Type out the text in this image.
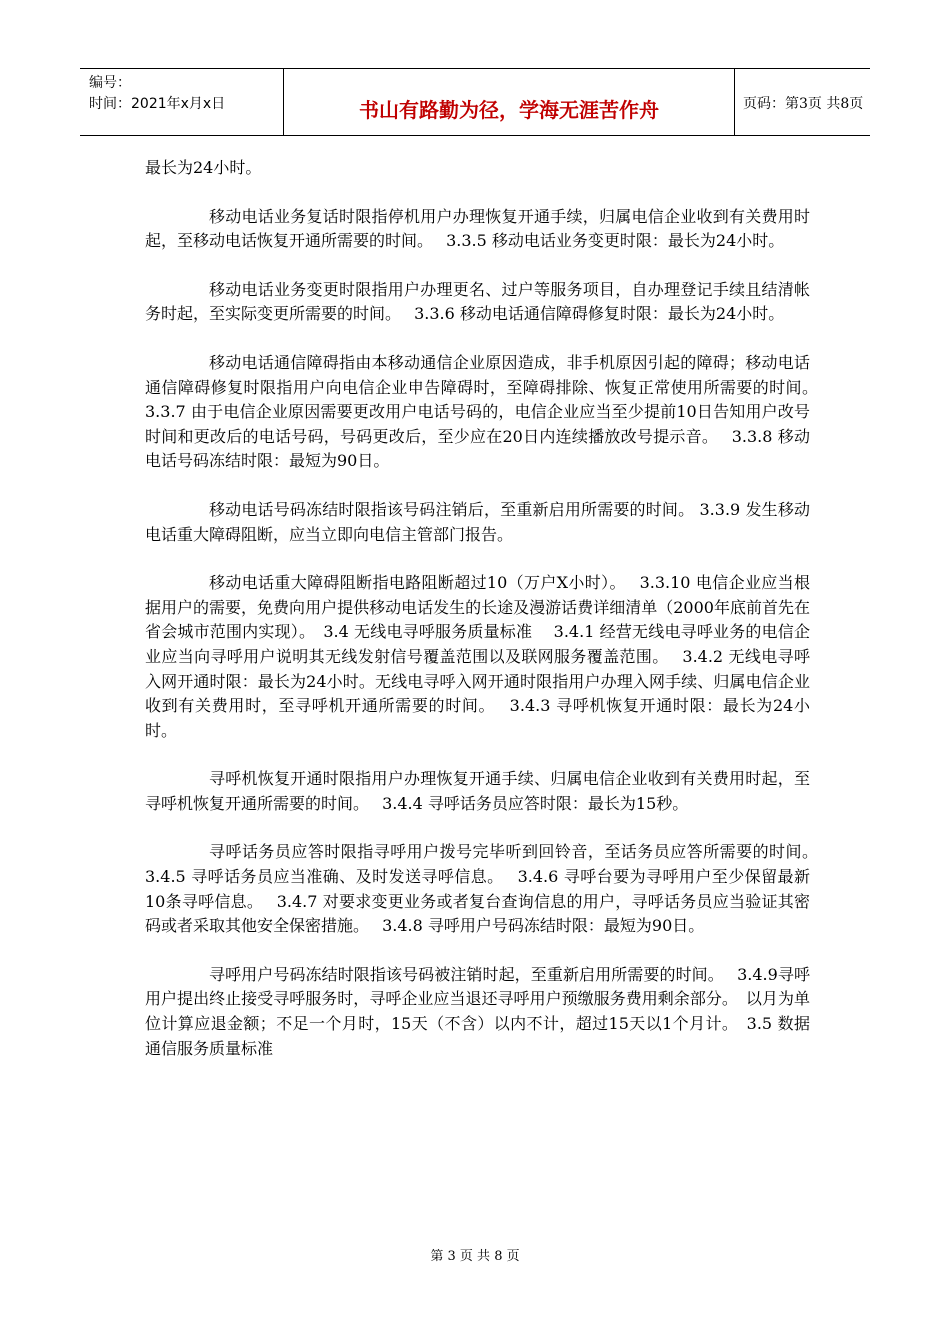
编号：
时间：2021年x月x日	书山有路勤为径，学海无涯苦作舟	页码：第3页 共8页

最长为24小时。

移动电话业务复话时限指停机用户办理恢复开通手续，归属电信企业收到有关费用时起，至移动电话恢复开通所需要的时间。　 3.3.5 移动电话业务变更时限：最长为24小时。

移动电话业务变更时限指用户办理更名、过户等服务项目，自办理登记手续且结清帐务时起，至实际变更所需要的时间。　 3.3.6 移动电话通信障碍修复时限：最长为24小时。

移动电话通信障碍指由本移动通信企业原因造成，非手机原因引起的障碍；移动电话通信障碍修复时限指用户向电信企业申告障碍时，至障碍排除、恢复正常使用所需要的时间。　　　　　　3.3.7 由于电信企业原因需要更改用户电话号码的，电信企业应当至少提前10日告知用户改号时间和更改后的电话号码，号码更改后，至少应在20日内连续播放改号提示音。　 3.3.8 移动电话号码冻结时限：最短为90日。

移动电话号码冻结时限指该号码注销后，至重新启用所需要的时间。 3.3.9 发生移动电话重大障碍阻断，应当立即向电信主管部门报告。

移动电话重大障碍阻断指电路阻断超过10（万户X小时）。　 3.3.10 电信企业应当根据用户的需要，免费向用户提供移动电话发生的长途及漫游话费详细清单（2000年底前首先在省会城市范围内实现）。　3.4 无线电寻呼服务质量标准　 3.4.1 经营无线电寻呼业务的电信企业应当向寻呼用户说明其无线发射信号覆盖范围以及联网服务覆盖范围。　 3.4.2 无线电寻呼入网开通时限：最长为24小时。无线电寻呼入网开通时限指用户办理入网手续、归属电信企业收到有关费用时，至寻呼机开通所需要的时间。　 3.4.3 寻呼机恢复开通时限：最长为24小时。

寻呼机恢复开通时限指用户办理恢复开通手续、归属电信企业收到有关费用时起，至寻呼机恢复开通所需要的时间。　 3.4.4 寻呼话务员应答时限：最长为15秒。

寻呼话务员应答时限指寻呼用户拨号完毕听到回铃音，至话务员应答所需要的时间。　 3.4.5 寻呼话务员应当准确、及时发送寻呼信息。　 3.4.6 寻呼台要为寻呼用户至少保留最新10条寻呼信息。　 3.4.7 对要求变更业务或者复台查询信息的用户，寻呼话务员应当验证其密码或者采取其他安全保密措施。　 3.4.8 寻呼用户号码冻结时限：最短为90日。

寻呼用户号码冻结时限指该号码被注销时起，至重新启用所需要的时间。　 3.4.9寻呼用户提出终止接受寻呼服务时，寻呼企业应当退还寻呼用户预缴服务费用剩余部分。　以月为单位计算应退金额；不足一个月时，15天（不含）以内不计，超过15天以1个月计。　3.5 数据通信服务质量标准

第 3 页 共 8 页
